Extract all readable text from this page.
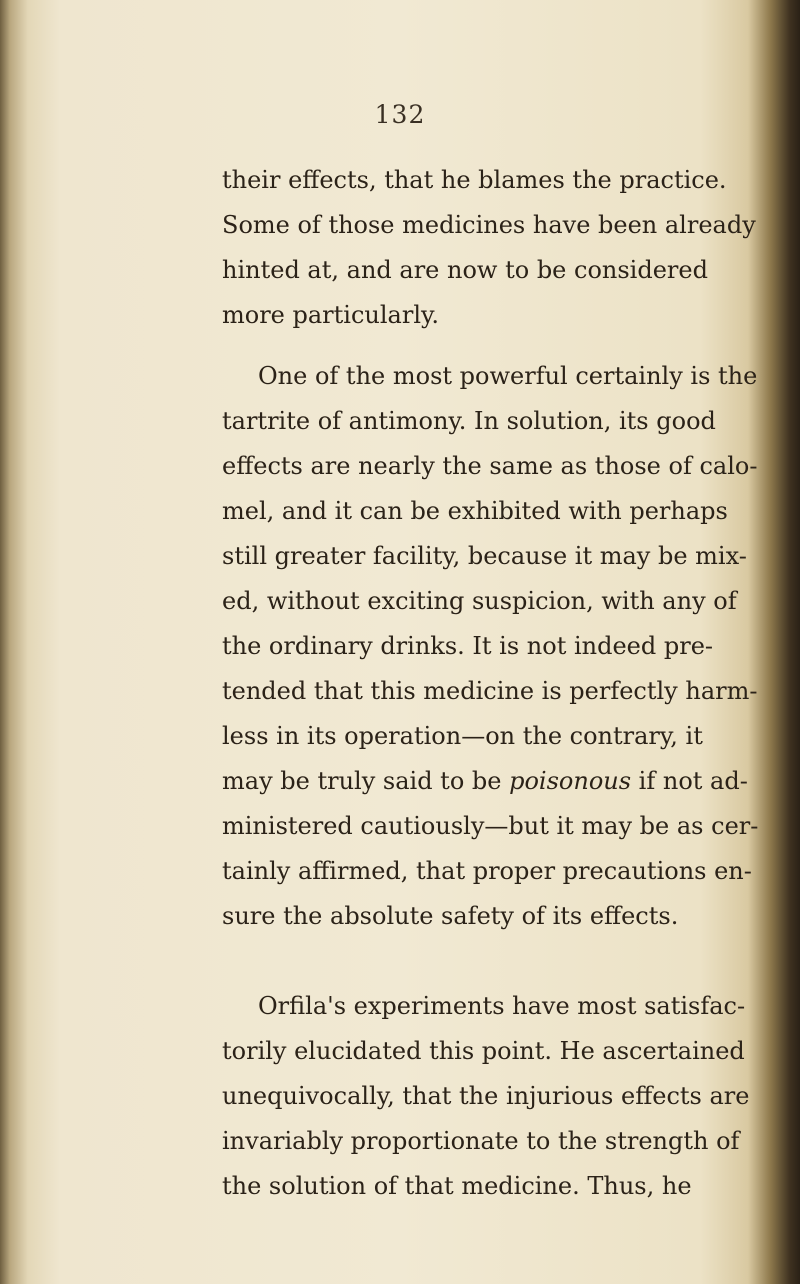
132
their effects, that he blames the practice.
Some of those medicines have been already
hinted at, and are now to be considered
more particularly.
One of the most powerful certainly is the
tartrite of antimony. In solution, its good
effects are nearly the same as those of calo-
mel, and it can be exhibited with perhaps
still greater facility, because it may be mix-
ed, without exciting suspicion, with any of
the ordinary drinks. It is not indeed pre-
tended that this medicine is perfectly harm-
less in its operation—on the contrary, it
may be truly said to be poisonous if not ad-
ministered cautiously—but it may be as cer-
tainly affirmed, that proper precautions en-
sure the absolute safety of its effects.
Orfila's experiments have most satisfac-
torily elucidated this point. He ascertained
unequivocally, that the injurious effects are
invariably proportionate to the strength of
the solution of that medicine. Thus, he
